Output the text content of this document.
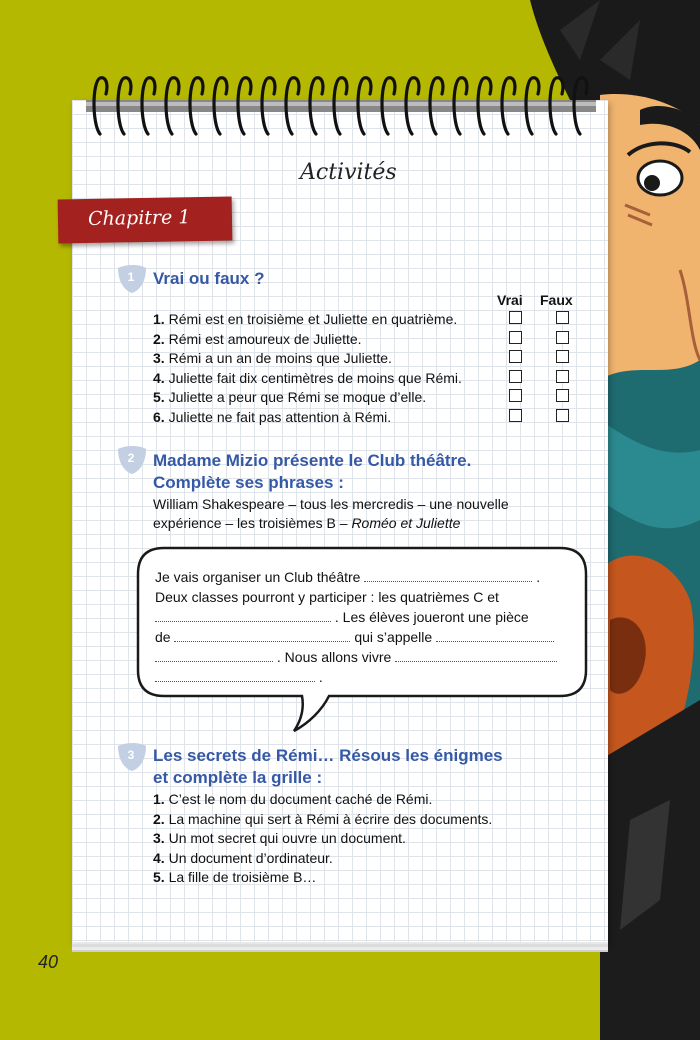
Activités
Chapitre 1
1	Vrai ou faux ?
Vrai Faux
1. Rémi est en troisième et Juliette en quatrième.
2. Rémi est amoureux de Juliette.
3. Rémi a un an de moins que Juliette.
4. Juliette fait dix centimètres de moins que Rémi.
5. Juliette a peur que Rémi se moque d’elle.
6. Juliette ne fait pas attention à Rémi.
2	Madame Mizio présente le Club théâtre.
Complète ses phrases :

William Shakespeare – tous les mercredis – une nouvelle expérience – les troisièmes B – Roméo et Juliette

Je vais organiser un Club théâtre	.
Deux classes pourront y participer : les quatrièmes C et
. Les élèves joueront une pièce
de	qui s’appelle
. Nous allons vivre
.

3	Les secrets de Rémi… Résous les énigmes
et complète la grille :
1. C’est le nom du document caché de Rémi.
2. La machine qui sert à Rémi à écrire des documents.
3. Un mot secret qui ouvre un document.
4. Un document d’ordinateur.
5. La fille de troisième B…
40
